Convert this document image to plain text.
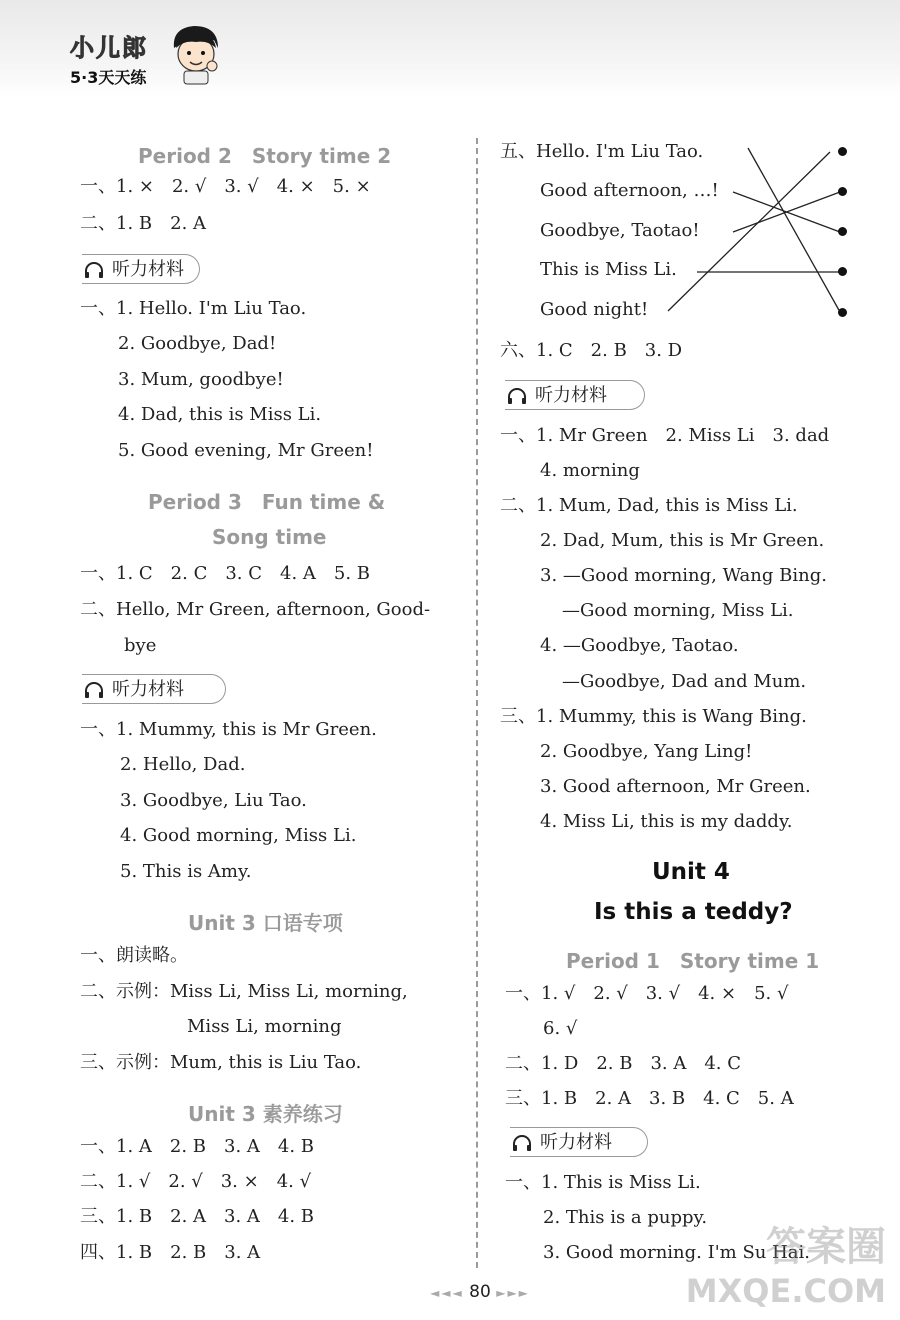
小儿郎
5·3天天练
Period 2　Story time 2
一、1. ×　2. √　3. √　4. ×　5. ×
二、1. B　2. A
听力材料
一、1. Hello. I'm Liu Tao.
2. Goodbye, Dad!
3. Mum, goodbye!
4. Dad, this is Miss Li.
5. Good evening, Mr Green!
Period 3　Fun time &
Song time
一、1. C　2. C　3. C　4. A　5. B
二、Hello, Mr Green, afternoon, Good-
bye
听力材料
一、1. Mummy, this is Mr Green.
2. Hello, Dad.
3. Goodbye, Liu Tao.
4. Good morning, Miss Li.
5. This is Amy.
Unit 3 口语专项
一、朗读略。
二、示例：Miss Li, Miss Li, morning,
Miss Li, morning
三、示例：Mum, this is Liu Tao.
Unit 3 素养练习
一、1. A　2. B　3. A　4. B
二、1. √　2. √　3. ×　4. √
三、1. B　2. A　3. A　4. B
四、1. B　2. B　3. A
五、Hello. I'm Liu Tao.
Good afternoon, …!
Goodbye, Taotao!
This is Miss Li.
Good night!
六、1. C　2. B　3. D
听力材料
一、1. Mr Green　2. Miss Li　3. dad
4. morning
二、1. Mum, Dad, this is Miss Li.
2. Dad, Mum, this is Mr Green.
3. —Good morning, Wang Bing.
—Good morning, Miss Li.
4. —Goodbye, Taotao.
—Goodbye, Dad and Mum.
三、1. Mummy, this is Wang Bing.
2. Goodbye, Yang Ling!
3. Good afternoon, Mr Green.
4. Miss Li, this is my daddy.
Unit 4
Is this a teddy?
Period 1　Story time 1
一、1. √　2. √　3. √　4. ×　5. √
6. √
二、1. D　2. B　3. A　4. C
三、1. B　2. A　3. B　4. C　5. A
听力材料
一、1. This is Miss Li.
2. This is a puppy.
3. Good morning. I'm Su Hai.
◄◄◄ 80 ►►►
答案圈
MXQE.COM
